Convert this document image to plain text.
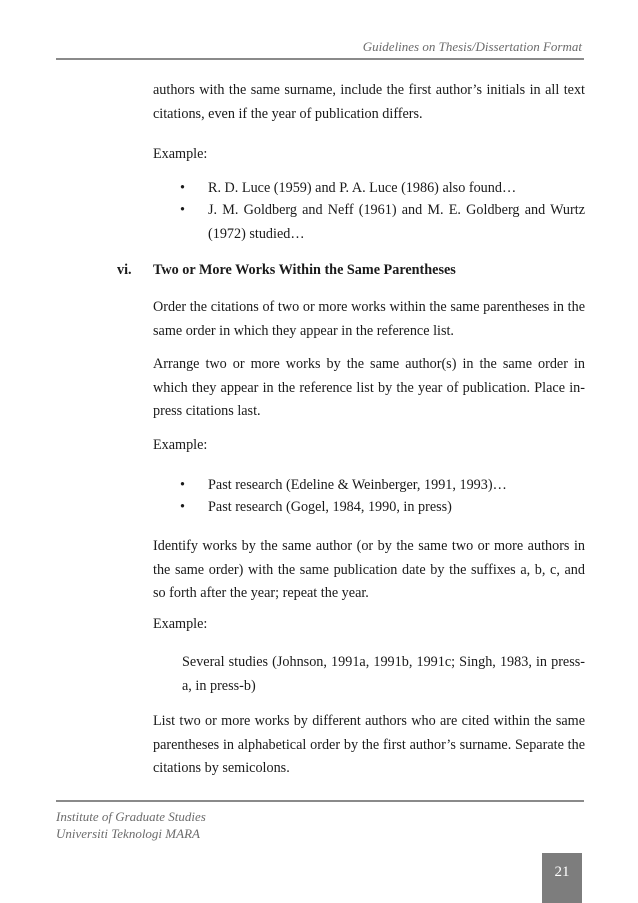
Guidelines on Thesis/Dissertation Format
authors with the same surname, include the first author’s initials in all text citations, even if the year of publication differs.
Example:
• R. D. Luce (1959) and P. A. Luce (1986) also found…
• J. M. Goldberg and Neff (1961) and M. E. Goldberg and Wurtz (1972) studied…
vi. Two or More Works Within the Same Parentheses
Order the citations of two or more works within the same parentheses in the same order in which they appear in the reference list.
Arrange two or more works by the same author(s) in the same order in which they appear in the reference list by the year of publication. Place in-press citations last.
Example:
• Past research (Edeline & Weinberger, 1991, 1993)…
• Past research (Gogel, 1984, 1990, in press)
Identify works by the same author (or by the same two or more authors in the same order) with the same publication date by the suffixes a, b, c, and so forth after the year; repeat the year.
Example:
Several studies (Johnson, 1991a, 1991b, 1991c; Singh, 1983, in press-a, in press-b)
List two or more works by different authors who are cited within the same parentheses in alphabetical order by the first author’s surname. Separate the citations by semicolons.
Institute of Graduate Studies
Universiti Teknologi MARA
21
